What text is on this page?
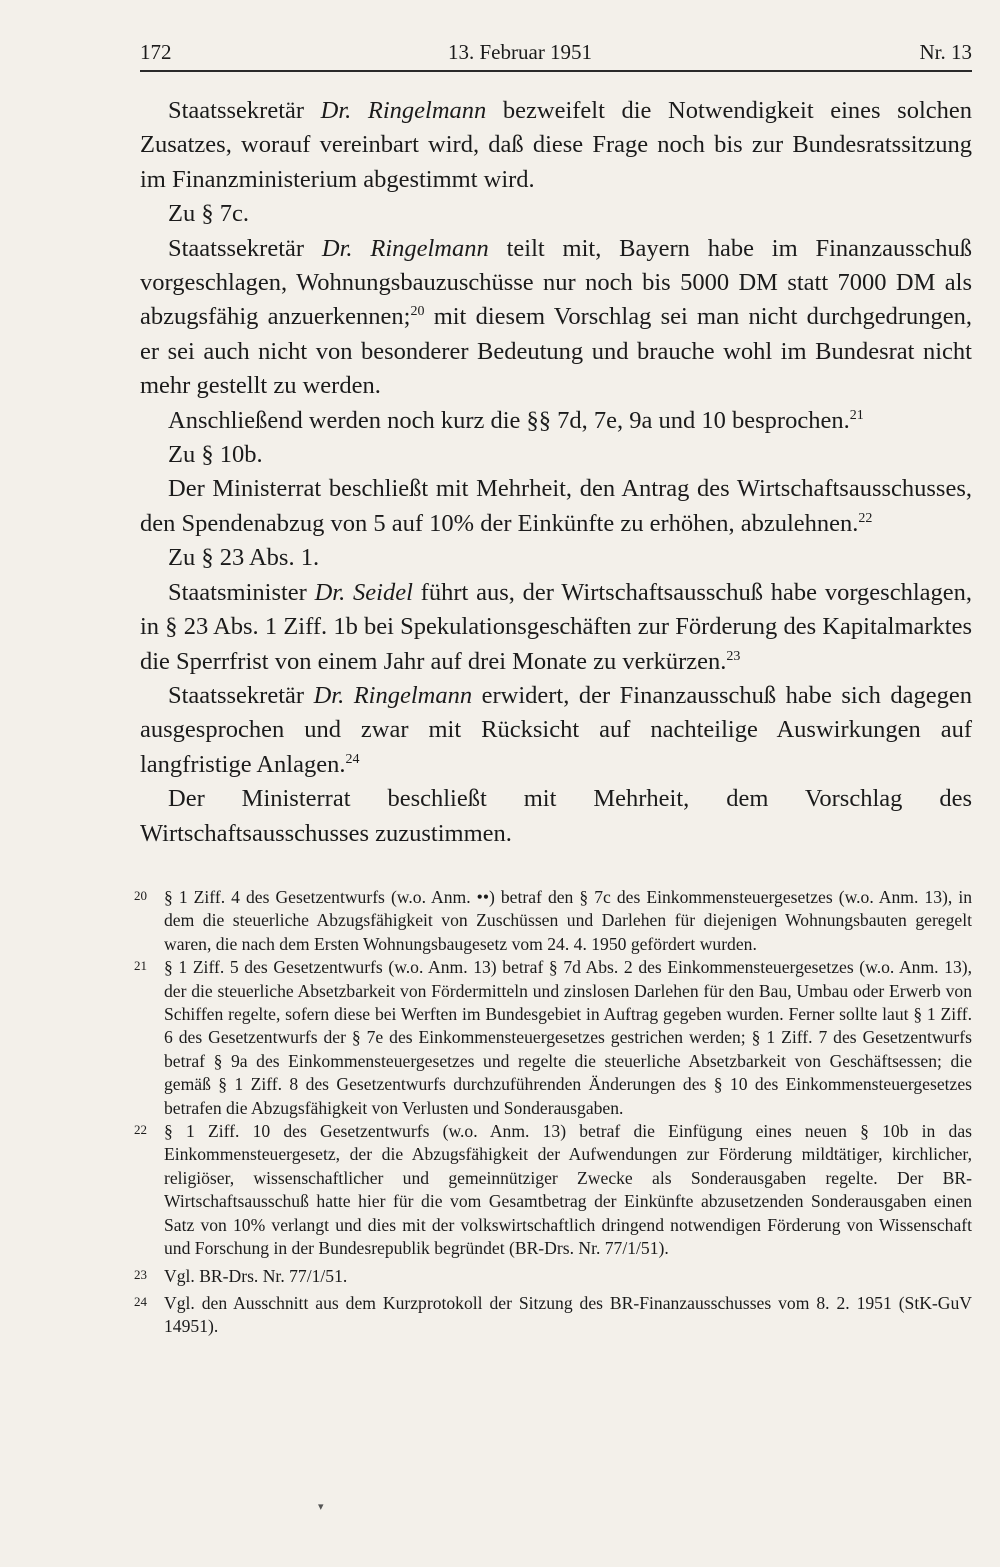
172	13. Februar 1951	Nr. 13

Staatssekretär Dr. Ringelmann bezweifelt die Notwendigkeit eines solchen Zusatzes, worauf vereinbart wird, daß diese Frage noch bis zur Bundesratssitzung im Finanzministerium abgestimmt wird.

Zu § 7c.

Staatssekretär Dr. Ringelmann teilt mit, Bayern habe im Finanzausschuß vorgeschlagen, Wohnungsbauzuschüsse nur noch bis 5000 DM statt 7000 DM als abzugsfähig anzuerkennen;$^{20}$ mit diesem Vorschlag sei man nicht durchgedrungen, er sei auch nicht von besonderer Bedeutung und brauche wohl im Bundesrat nicht mehr gestellt zu werden.

Anschließend werden noch kurz die §§ 7d, 7e, 9a und 10 besprochen.$^{21}$

Zu § 10b.

Der Ministerrat beschließt mit Mehrheit, den Antrag des Wirtschaftsausschusses, den Spendenabzug von 5 auf 10% der Einkünfte zu erhöhen, abzulehnen.$^{22}$

Zu § 23 Abs. 1.

Staatsminister Dr. Seidel führt aus, der Wirtschaftsausschuß habe vorgeschlagen, in § 23 Abs. 1 Ziff. 1b bei Spekulationsgeschäften zur Förderung des Kapitalmarktes die Sperrfrist von einem Jahr auf drei Monate zu verkürzen.$^{23}$

Staatssekretär Dr. Ringelmann erwidert, der Finanzausschuß habe sich dagegen ausgesprochen und zwar mit Rücksicht auf nachteilige Auswirkungen auf langfristige Anlagen.$^{24}$

Der Ministerrat beschließt mit Mehrheit, dem Vorschlag des Wirtschaftsausschusses zuzustimmen.

20 § 1 Ziff. 4 des Gesetzentwurfs (w.o. Anm. ••) betraf den § 7c des Einkommensteuergesetzes (w.o. Anm. 13), in dem die steuerliche Abzugsfähigkeit von Zuschüssen und Darlehen für diejenigen Wohnungsbauten geregelt waren, die nach dem Ersten Wohnungsbaugesetz vom 24. 4. 1950 gefördert wurden.

21 § 1 Ziff. 5 des Gesetzentwurfs (w.o. Anm. 13) betraf § 7d Abs. 2 des Einkommensteuergesetzes (w.o. Anm. 13), der die steuerliche Absetzbarkeit von Fördermitteln und zinslosen Darlehen für den Bau, Umbau oder Erwerb von Schiffen regelte, sofern diese bei Werften im Bundesgebiet in Auftrag gegeben wurden. Ferner sollte laut § 1 Ziff. 6 des Gesetzentwurfs der § 7e des Einkommensteuergesetzes gestrichen werden; § 1 Ziff. 7 des Gesetzentwurfs betraf § 9a des Einkommensteuergesetzes und regelte die steuerliche Absetzbarkeit von Geschäftsessen; die gemäß § 1 Ziff. 8 des Gesetzentwurfs durchzuführenden Änderungen des § 10 des Einkommensteuergesetzes betrafen die Abzugsfähigkeit von Verlusten und Sonderausgaben.

22 § 1 Ziff. 10 des Gesetzentwurfs (w.o. Anm. 13) betraf die Einfügung eines neuen § 10b in das Einkommensteuergesetz, der die Abzugsfähigkeit der Aufwendungen zur Förderung mildtätiger, kirchlicher, religiöser, wissenschaftlicher und gemeinnütziger Zwecke als Sonderausgaben regelte. Der BR-Wirtschaftsausschuß hatte hier für die vom Gesamtbetrag der Einkünfte abzusetzenden Sonderausgaben einen Satz von 10% verlangt und dies mit der volkswirtschaftlich dringend notwendigen Förderung von Wissenschaft und Forschung in der Bundesrepublik begründet (BR-Drs. Nr. 77/1/51).

23 Vgl. BR-Drs. Nr. 77/1/51.

24 Vgl. den Ausschnitt aus dem Kurzprotokoll der Sitzung des BR-Finanzausschusses vom 8. 2. 1951 (StK-GuV 14951).

▾
